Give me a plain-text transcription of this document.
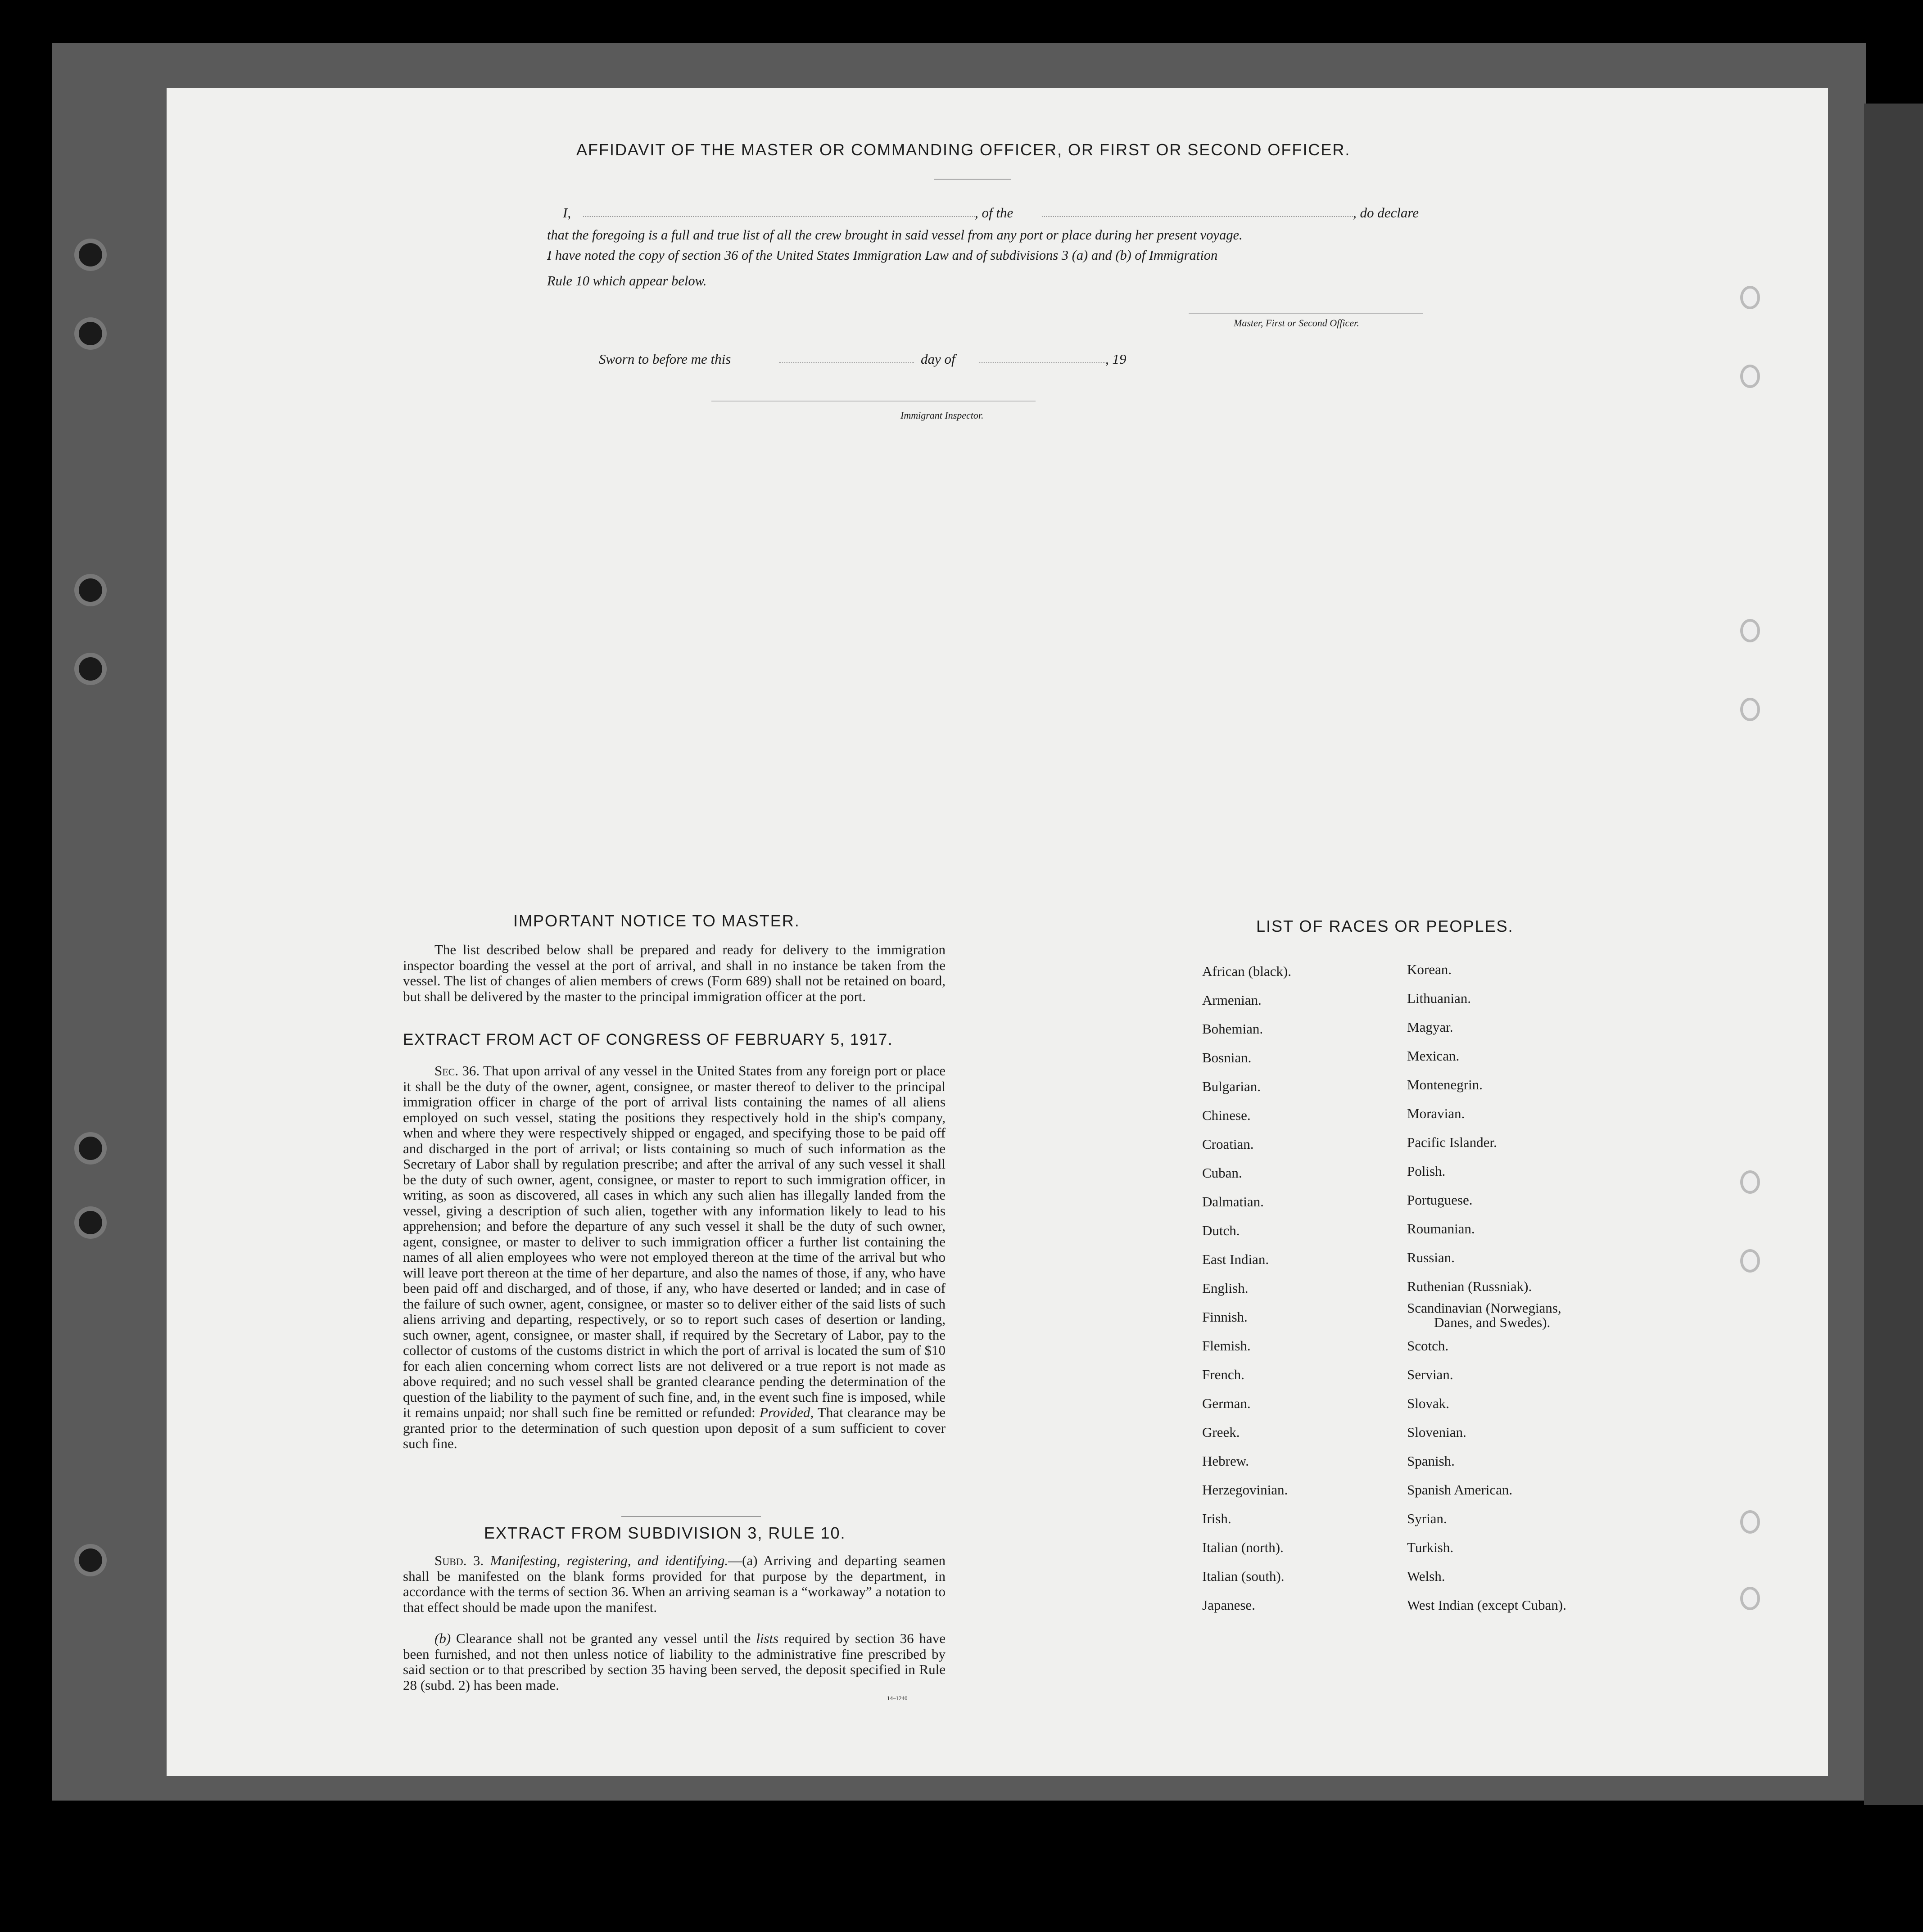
AFFIDAVIT OF THE MASTER OR COMMANDING OFFICER, OR FIRST OR SECOND OFFICER.
I,	, of the	, do declare
that the foregoing is a full and true list of all the crew brought in said vessel from any port or place during her present voyage.
I have noted the copy of section 36 of the United States Immigration Law and of subdivisions 3 (a) and (b) of Immigration
Rule 10 which appear below.
Master, First or Second Officer.
Sworn to before me this	day of	, 19
Immigrant Inspector.
IMPORTANT NOTICE TO MASTER.
The list described below shall be prepared and ready for delivery to the immigration inspector boarding the vessel at the port of arrival, and shall in no instance be taken from the vessel. The list of changes of alien members of crews (Form 689) shall not be retained on board, but shall be delivered by the master to the principal immigration officer at the port.
EXTRACT FROM ACT OF CONGRESS OF FEBRUARY 5, 1917.
Sec. 36. That upon arrival of any vessel in the United States from any foreign port or place it shall be the duty of the owner, agent, consignee, or master thereof to deliver to the principal immigration officer in charge of the port of arrival lists containing the names of all aliens employed on such vessel, stating the positions they respectively hold in the ship's company, when and where they were respectively shipped or engaged, and specifying those to be paid off and discharged in the port of arrival; or lists containing so much of such information as the Secretary of Labor shall by regulation prescribe; and after the arrival of any such vessel it shall be the duty of such owner, agent, consignee, or master to report to such immigration officer, in writing, as soon as discovered, all cases in which any such alien has illegally landed from the vessel, giving a description of such alien, together with any information likely to lead to his apprehension; and before the departure of any such vessel it shall be the duty of such owner, agent, consignee, or master to deliver to such immigration officer a further list containing the names of all alien employees who were not employed thereon at the time of the arrival but who will leave port thereon at the time of her departure, and also the names of those, if any, who have been paid off and discharged, and of those, if any, who have deserted or landed; and in case of the failure of such owner, agent, consignee, or master so to deliver either of the said lists of such aliens arriving and departing, respectively, or so to report such cases of desertion or landing, such owner, agent, consignee, or master shall, if required by the Secretary of Labor, pay to the collector of customs of the customs district in which the port of arrival is located the sum of $10 for each alien concerning whom correct lists are not delivered or a true report is not made as above required; and no such vessel shall be granted clearance pending the determination of the question of the liability to the payment of such fine, and, in the event such fine is imposed, while it remains unpaid; nor shall such fine be remitted or refunded: Provided, That clearance may be granted prior to the determination of such question upon deposit of a sum sufficient to cover such fine.
EXTRACT FROM SUBDIVISION 3, RULE 10.
Subd. 3. Manifesting, registering, and identifying.—(a) Arriving and departing seamen shall be manifested on the blank forms provided for that purpose by the department, in accordance with the terms of section 36. When an arriving seaman is a “workaway” a notation to that effect should be made upon the manifest.
(b) Clearance shall not be granted any vessel until the lists required by section 36 have been furnished, and not then unless notice of liability to the administrative fine prescribed by said section or to that prescribed by section 35 having been served, the deposit specified in Rule 28 (subd. 2) has been made.
14–1240
LIST OF RACES OR PEOPLES.
African (black).
Armenian.
Bohemian.
Bosnian.
Bulgarian.
Chinese.
Croatian.
Cuban.
Dalmatian.
Dutch.
East Indian.
English.
Finnish.
Flemish.
French.
German.
Greek.
Hebrew.
Herzegovinian.
Irish.
Italian (north).
Italian (south).
Japanese.
Korean.
Lithuanian.
Magyar.
Mexican.
Montenegrin.
Moravian.
Pacific Islander.
Polish.
Portuguese.
Roumanian.
Russian.
Ruthenian (Russniak).
Scandinavian (Norwegians,
Danes, and Swedes).
Scotch.
Servian.
Slovak.
Slovenian.
Spanish.
Spanish American.
Syrian.
Turkish.
Welsh.
West Indian (except Cuban).
